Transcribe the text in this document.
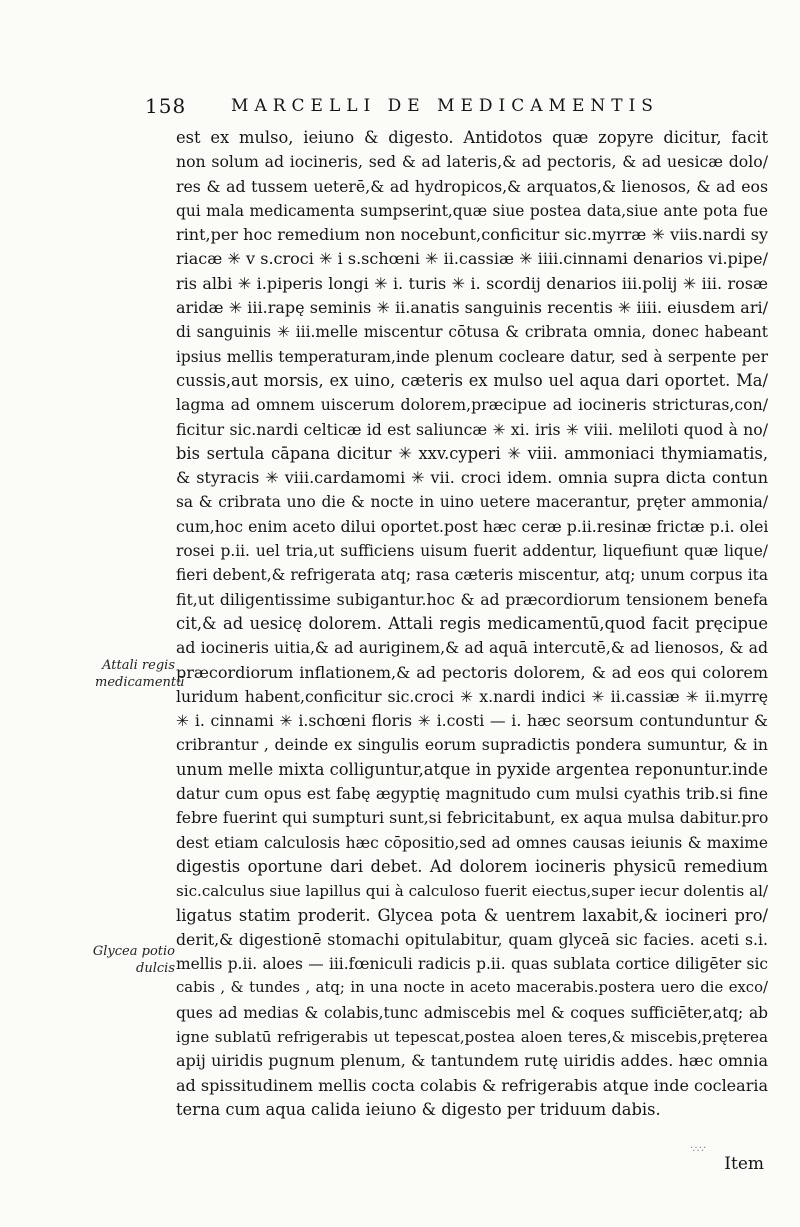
158	MARCELLI DE MEDICAMENTIS
est ex mulso, ieiuno & digesto. Antidotos quæ zopyre dicitur, facit
non solum ad iocineris, sed & ad lateris,& ad pectoris, & ad uesicæ dolo/
res & ad tussem ueterē,& ad hydropicos,& arquatos,& lienosos, & ad eos
qui mala medicamenta sumpserint,quæ siue postea data,siue ante pota fue
rint,per hoc remedium non nocebunt,conficitur sic.myrræ ✳ viis.nardi sy
riacæ ✳ v s.croci ✳ i s.schœni ✳ ii.cassiæ ✳ iiii.cinnami denarios vi.pipe/
ris albi ✳ i.piperis longi ✳ i. turis ✳ i. scordij denarios iii.polij ✳ iii. rosæ
aridæ ✳ iii.rapę seminis ✳ ii.anatis sanguinis recentis ✳ iiii. eiusdem ari/
di sanguinis ✳ iii.melle miscentur cōtusa & cribrata omnia, donec habeant
ipsius mellis temperaturam,inde plenum cocleare datur, sed à serpente per
cussis,aut morsis, ex uino, cæteris ex mulso uel aqua dari oportet. Ma/
lagma ad omnem uiscerum dolorem,præcipue ad iocineris stricturas,con/
ficitur sic.nardi celticæ id est saliuncæ ✳ xi. iris ✳ viii. meliloti quod à no/
bis sertula cāpana dicitur ✳ xxv.cyperi ✳ viii. ammoniaci thymiamatis,
& styracis ✳ viii.cardamomi ✳ vii. croci idem. omnia supra dicta contun
sa & cribrata uno die & nocte in uino ueterе macerantur, pręter ammonia/
cum,hoc enim aceto dilui oportet.post hæc ceræ p.ii.resinæ frictæ p.i. olei
rosei p.ii. uel tria,ut sufficiens uisum fuerit addentur, liquefiunt quæ lique/
fieri debent,& refrigerata atq; rasa cæteris miscentur, atq; unum corpus ita
fit,ut diligentissime subigantur.hoc & ad præcordiorum tensionem benefa
cit,& ad uesicę dolorem. Attali regis medicamentū,quod facit pręcipue
ad iocineris uitia,& ad auriginem,& ad aquā intercutē,& ad lienosos, & ad
præcordiorum inflationem,& ad pectoris dolorem, & ad eos qui colorem
luridum habent,conficitur sic.croci ✳ x.nardi indici ✳ ii.cassiæ ✳ ii.myrrę
✳ i. cinnami ✳ i.schœni floris ✳ i.costi — i. hæc seorsum contunduntur &
cribrantur , deinde ex singulis eorum supradictis pondera sumuntur, & in
unum melle mixta colliguntur,atque in pyxide argentea reponuntur.inde
datur cum opus est fabę ægyptię magnitudo cum mulsi cyathis trib.si fine
febre fuerint qui sumpturi sunt,si febricitabunt, ex aqua mulsa dabitur.pro
dest etiam calculosis hæc cōpositio,sed ad omnes causas ieiunis & maxime
digestis oportune dari debet. Ad dolorem iocineris physicū remedium
sic.calculus siue lapillus qui à calculoso fuerit eiectus,super iecur dolentis al/
ligatus statim proderit. Glycea pota & uentrem laxabit,& iocineri pro/
derit,& digestionē stomachi opitulabitur, quam glyceā sic facies. aceti s.i.
mellis p.ii. aloes — iii.fœniculi radicis p.ii. quas sublata cortice diligēter sic
cabis , & tundes , atq; in una nocte in aceto macerabis.postera uero die exco/
ques ad medias & colabis,tunc admiscebis mel & coques sufficiēter,atq; ab
igne sublatū refrigerabis ut tepescat,postea aloen teres,& miscebis,pręterea
apij uiridis pugnum plenum, & tantundem rutę uiridis addes. hæc omnia
ad spissitudinem mellis cocta colabis & refrigerabis atque inde coclearia
terna cum aqua calida ieiuno & digesto per triduum dabis.
Attali regis
medicamentū
Glycea potio
dulcis
·.·.·.·
Item
